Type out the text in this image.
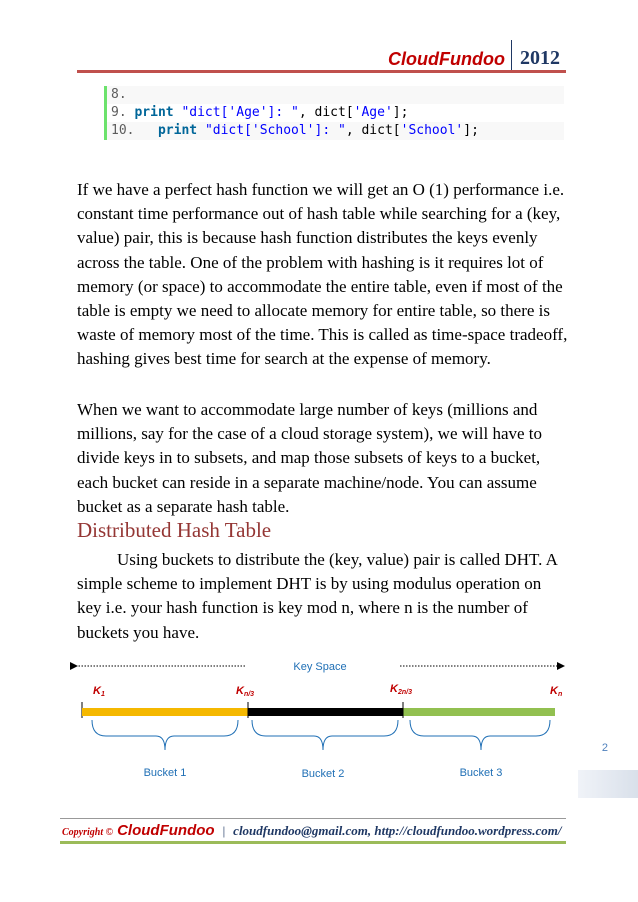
CloudFundoo 2012
8.
9. print "dict['Age']: ", dict['Age'];
10. print "dict['School']: ", dict['School'];

If we have a perfect hash function we will get an O (1) performance i.e. constant time performance out of hash table while searching for a (key, value) pair, this is because hash function distributes the keys evenly across the table. One of the problem with hashing is it requires lot of memory (or space) to accommodate the entire table, even if most of the table is empty we need to allocate memory for entire table, so there is waste of memory most of the time. This is called as time-space tradeoff, hashing gives best time for search at the expense of memory.

When we want to accommodate large number of keys (millions and millions, say for the case of a cloud storage system), we will have to divide keys in to subsets, and map those subsets of keys to a bucket, each bucket can reside in a separate machine/node. You can assume bucket as a separate hash table.

Distributed Hash Table

Using buckets to distribute the (key, value) pair is called DHT. A simple scheme to implement DHT is by using modulus operation on key i.e. your hash function is key mod n, where n is the number of buckets you have.

Key Space
K1	Kn/3	K2n/3	Kn
Bucket 1	Bucket 2	Bucket 3
2
Copyright © CloudFundoo | cloudfundoo@gmail.com, http://cloudfundoo.wordpress.com/
